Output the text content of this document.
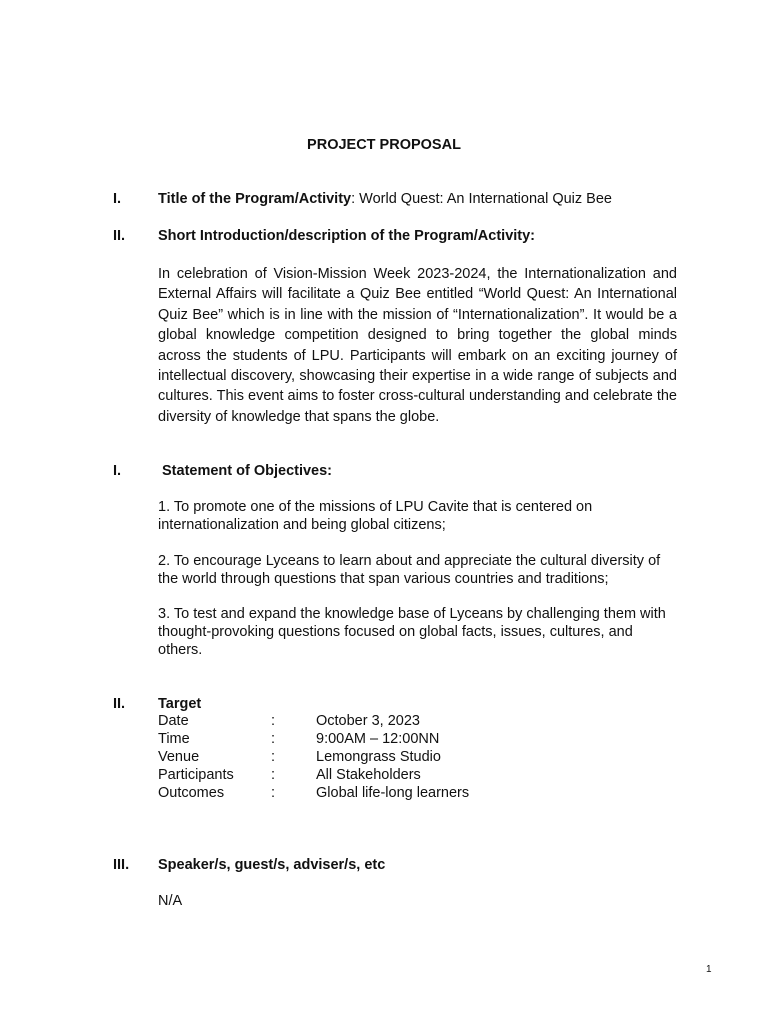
PROJECT PROPOSAL
I.	Title of the Program/Activity: World Quest: An International Quiz Bee
II. Short Introduction/description of the Program/Activity:
In celebration of Vision-Mission Week 2023-2024, the Internationalization and External Affairs will facilitate a Quiz Bee entitled “World Quest: An International Quiz Bee” which is in line with the mission of “Internationalization”. It would be a global knowledge competition designed to bring together the global minds across the students of LPU. Participants will embark on an exciting journey of intellectual discovery, showcasing their expertise in a wide range of subjects and cultures. This event aims to foster cross-cultural understanding and celebrate the diversity of knowledge that spans the globe.
I.	Statement of Objectives:
1. To promote one of the missions of LPU Cavite that is centered on internationalization and being global citizens;
2. To encourage Lyceans to learn about and appreciate the cultural diversity of the world through questions that span various countries and traditions;
3. To test and expand the knowledge base of Lyceans by challenging them with thought-provoking questions focused on global facts, issues, cultures, and others.
II. Target
Date	:	October 3, 2023
Time	:	9:00AM – 12:00NN
Venue	:	Lemongrass Studio
Participants	:	All Stakeholders
Outcomes	:	Global life-long learners
III. Speaker/s, guest/s, adviser/s, etc
N/A
1
